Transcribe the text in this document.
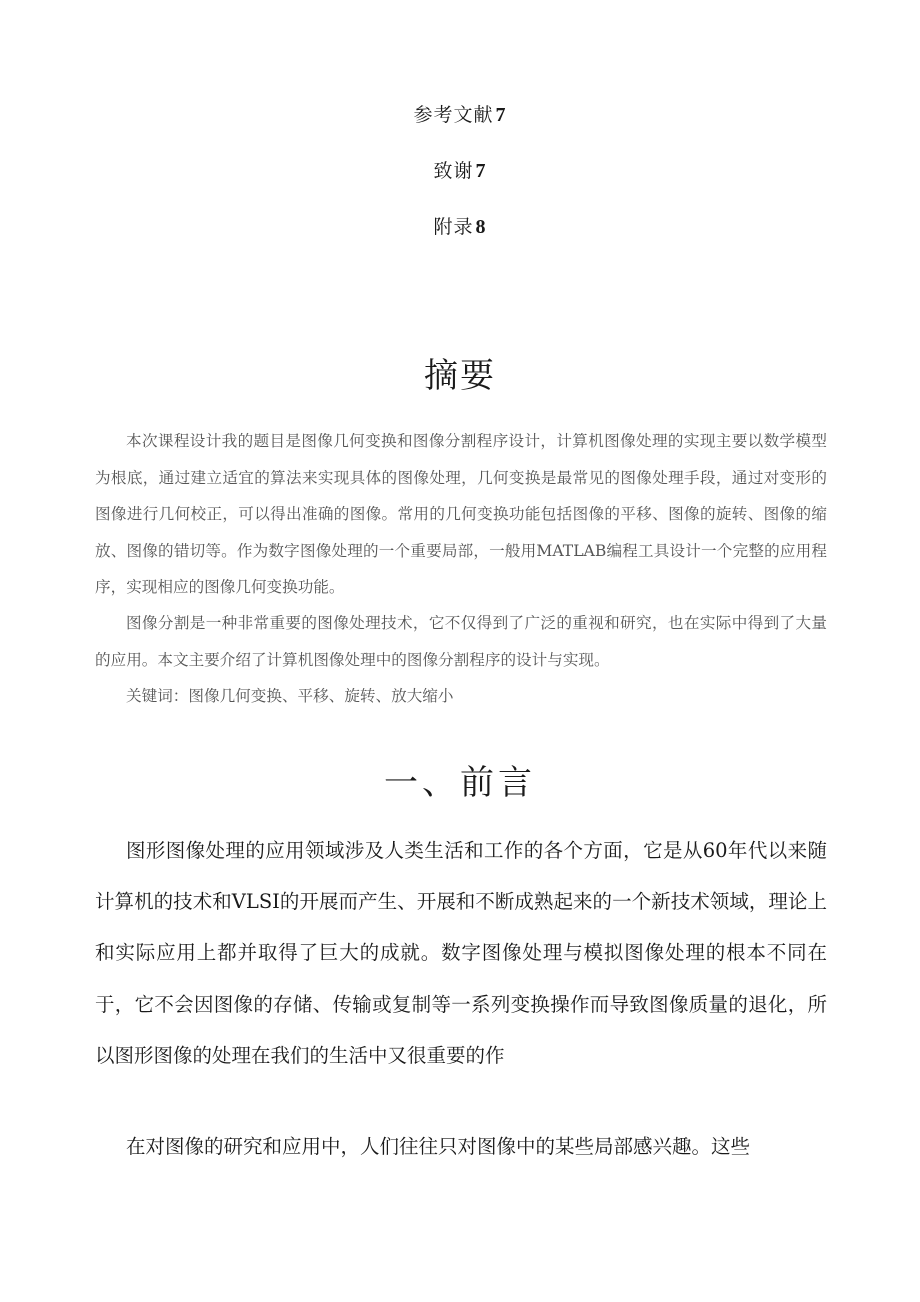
参考文献 7
致谢 7
附录 8
摘要

本次课程设计我的题目是图像几何变换和图像分割程序设计，计算机图像处理的实现主要以数学模型为根底，通过建立适宜的算法来实现具体的图像处理，几何变换是最常见的图像处理手段，通过对变形的图像进行几何校正，可以得出准确的图像。常用的几何变换功能包括图像的平移、图像的旋转、图像的缩放、图像的错切等。作为数字图像处理的一个重要局部，一般用MATLAB编程工具设计一个完整的应用程序，实现相应的图像几何变换功能。

图像分割是一种非常重要的图像处理技术，它不仅得到了广泛的重视和研究，也在实际中得到了大量的应用。本文主要介绍了计算机图像处理中的图像分割程序的设计与实现。

关键词：图像几何变换、平移、旋转、放大缩小

一、前言

图形图像处理的应用领域涉及人类生活和工作的各个方面，它是从60年代以来随计算机的技术和VLSI的开展而产生、开展和不断成熟起来的一个新技术领域，理论上和实际应用上都并取得了巨大的成就。数字图像处理与模拟图像处理的根本不同在于，它不会因图像的存储、传输或复制等一系列变换操作而导致图像质量的退化，所以图形图像的处理在我们的生活中又很重要的作

在对图像的研究和应用中，人们往往只对图像中的某些局部感兴趣。这些
